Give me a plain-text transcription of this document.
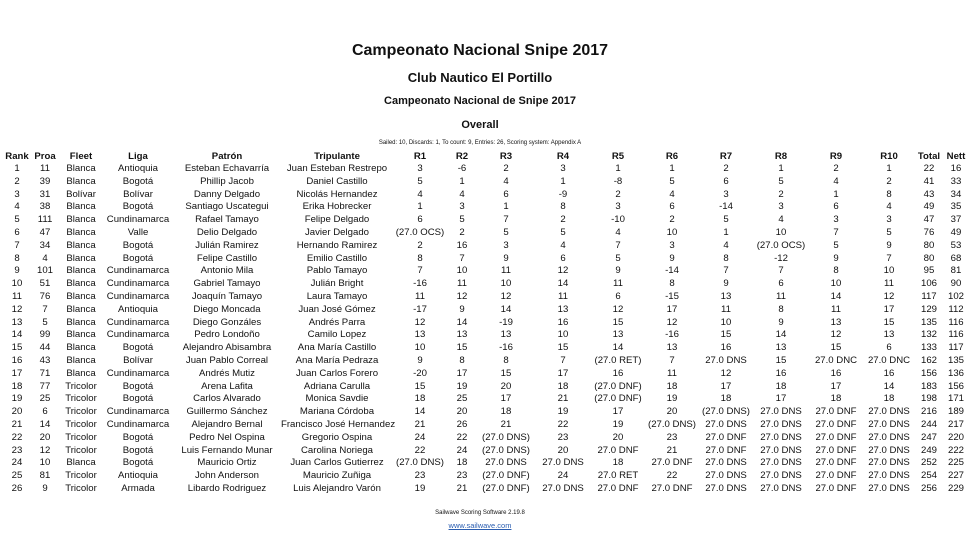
Campeonato Nacional Snipe 2017
Club Nautico El Portillo
Campeonato Nacional de Snipe 2017
Overall
Sailed: 10, Discards: 1, To count: 9, Entries: 26, Scoring system: Appendix A
Rank	Proa	Fleet	Liga	Patrón	Tripulante	R1	R2	R3	R4	R5	R6	R7	R8	R9	R10	Total	Nett
1	11	Blanca	Antioquia	Esteban Echavarría	Juan Esteban Restrepo	3	-6	2	3	1	1	2	1	2	1	22	16
2	39	Blanca	Bogotá	Phillip Jacob	Daniel Castillo	5	1	4	1	-8	5	6	5	4	2	41	33
3	31	Bolívar	Bolívar	Danny Delgado	Nicolás Hernandez	4	4	6	-9	2	4	3	2	1	8	43	34
4	38	Blanca	Bogotá	Santiago Uscategui	Erika Hobrecker	1	3	1	8	3	6	-14	3	6	4	49	35
5	111	Blanca	Cundinamarca	Rafael Tamayo	Felipe Delgado	6	5	7	2	-10	2	5	4	3	3	47	37
6	47	Blanca	Valle	Delio Delgado	Javier Delgado	(27.0 OCS)	2	5	5	4	10	1	10	7	5	76	49
7	34	Blanca	Bogotá	Julián Ramirez	Hernando Ramirez	2	16	3	4	7	3	4	(27.0 OCS)	5	9	80	53
8	4	Blanca	Bogotá	Felipe Castillo	Emilio Castillo	8	7	9	6	5	9	8	-12	9	7	80	68
9	101	Blanca	Cundinamarca	Antonio Mila	Pablo Tamayo	7	10	11	12	9	-14	7	7	8	10	95	81
10	51	Blanca	Cundinamarca	Gabriel Tamayo	Julián Bright	-16	11	10	14	11	8	9	6	10	11	106	90
11	76	Blanca	Cundinamarca	Joaquín Tamayo	Laura Tamayo	11	12	12	11	6	-15	13	11	14	12	117	102
12	7	Blanca	Antioquia	Diego Moncada	Juan José Gómez	-17	9	14	13	12	17	11	8	11	17	129	112
13	5	Blanca	Cundinamarca	Diego Gonzáles	Andrés Parra	12	14	-19	16	15	12	10	9	13	15	135	116
14	99	Blanca	Cundinamarca	Pedro Londoño	Camilo Lopez	13	13	13	10	13	-16	15	14	12	13	132	116
15	44	Blanca	Bogotá	Alejandro Abisambra	Ana María Castillo	10	15	-16	15	14	13	16	13	15	6	133	117
16	43	Blanca	Bolívar	Juan Pablo Correal	Ana María Pedraza	9	8	8	7	(27.0 RET)	7	27.0 DNS	15	27.0 DNC	27.0 DNC	162	135
17	71	Blanca	Cundinamarca	Andrés Mutiz	Juan Carlos Forero	-20	17	15	17	16	11	12	16	16	16	156	136
18	77	Tricolor	Bogotá	Arena Lafita	Adriana Carulla	15	19	20	18	(27.0 DNF)	18	17	18	17	14	183	156
19	25	Tricolor	Bogotá	Carlos Alvarado	Monica Savdie	18	25	17	21	(27.0 DNF)	19	18	17	18	18	198	171
20	6	Tricolor	Cundinamarca	Guillermo Sánchez	Mariana Córdoba	14	20	18	19	17	20	(27.0 DNS)	27.0 DNS	27.0 DNF	27.0 DNS	216	189
21	14	Tricolor	Cundinamarca	Alejandro Bernal	Francisco José Hernandez	21	26	21	22	19	(27.0 DNS)	27.0 DNS	27.0 DNS	27.0 DNF	27.0 DNS	244	217
22	20	Tricolor	Bogotá	Pedro Nel Ospina	Gregorio Ospina	24	22	(27.0 DNS)	23	20	23	27.0 DNF	27.0 DNS	27.0 DNF	27.0 DNS	247	220
23	12	Tricolor	Bogotá	Luis Fernando Munar	Carolina Noriega	22	24	(27.0 DNS)	20	27.0 DNF	21	27.0 DNF	27.0 DNS	27.0 DNF	27.0 DNS	249	222
24	10	Blanca	Bogotá	Mauricio Ortiz	Juan Carlos Gutierrez	(27.0 DNS)	18	27.0 DNS	27.0 DNS	18	27.0 DNF	27.0 DNS	27.0 DNS	27.0 DNF	27.0 DNS	252	225
25	81	Tricolor	Antioquia	John Anderson	Mauricio Zuñiga	23	23	(27.0 DNF)	24	27.0 RET	22	27.0 DNS	27.0 DNS	27.0 DNF	27.0 DNS	254	227
26	9	Tricolor	Armada	Libardo Rodriguez	Luis Alejandro Varón	19	21	(27.0 DNF)	27.0 DNS	27.0 DNF	27.0 DNF	27.0 DNS	27.0 DNS	27.0 DNF	27.0 DNS	256	229
Sailwave Scoring Software 2.19.8
www.sailwave.com
